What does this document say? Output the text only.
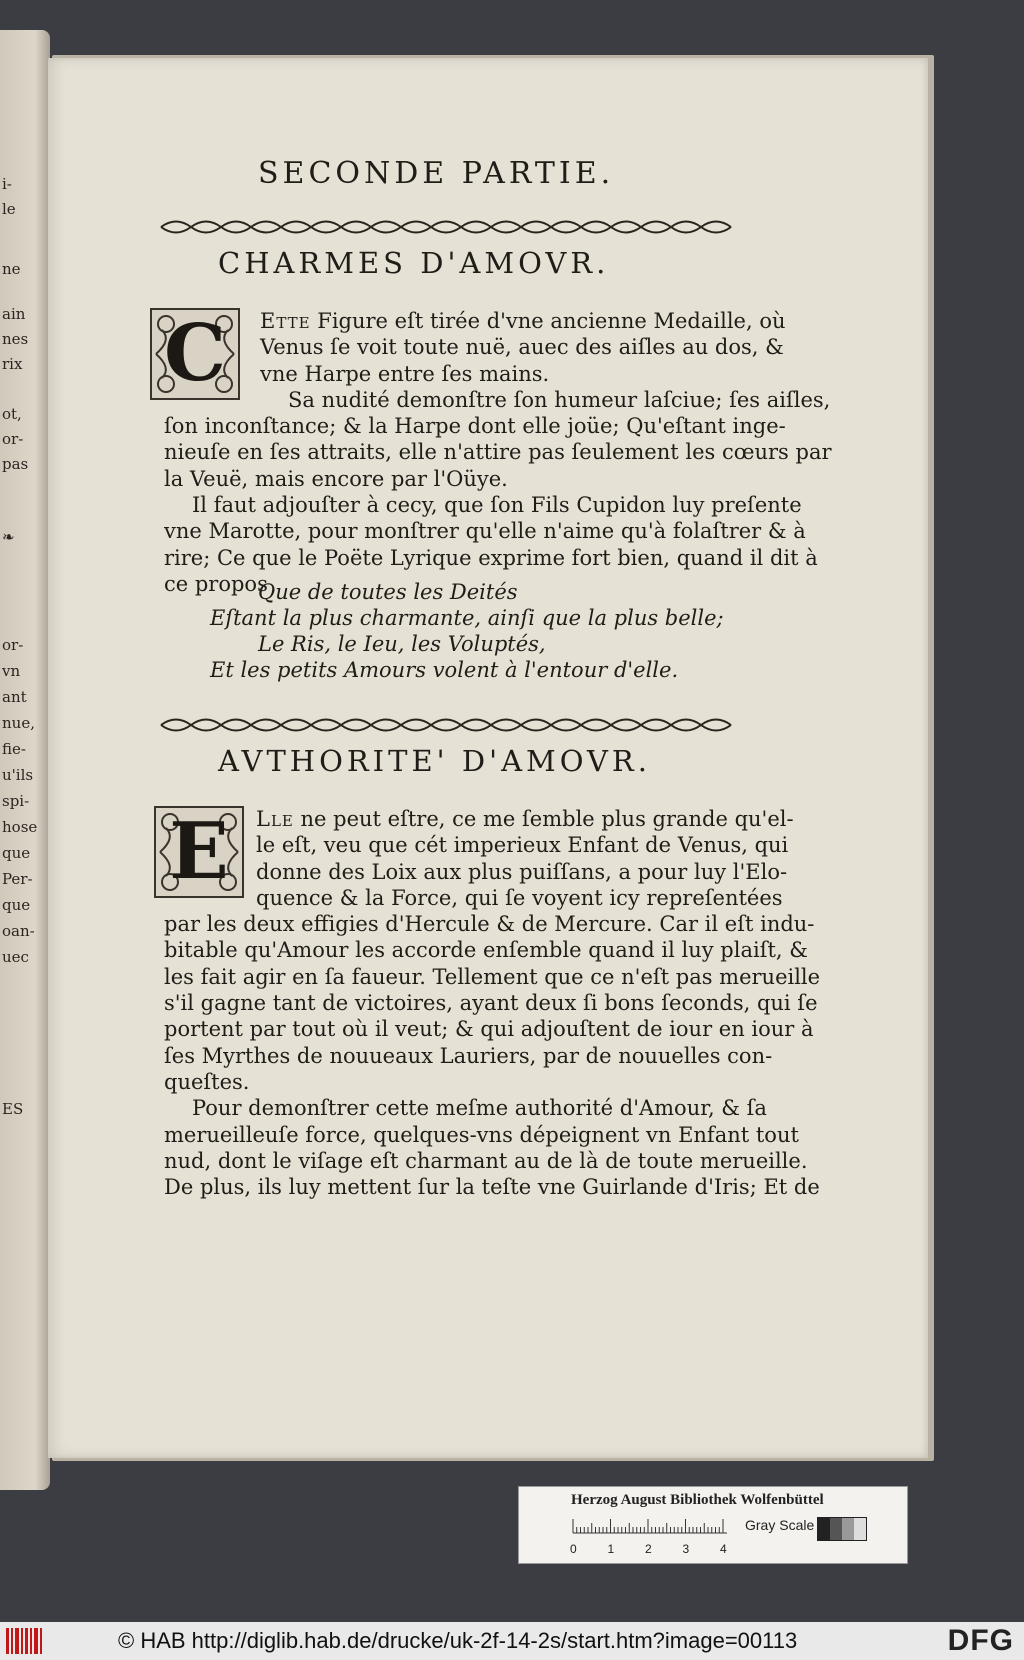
i-
le
ne
ain
nes
rix
ot,
or-
pas
❧
or-
vn
ant
nue,
fie-
u'ils
spi-
hose
que
Per-
que
oan-
uec
ES
SECONDE PARTIE.
CHARMES D'AMOVR.
C	Ette Figure eſt tirée d'vne ancienne Medaille, où

Venus ſe voit toute nuë, auec des aiſles au dos, &

vne Harpe entre ſes mains.

Sa nudité demonſtre ſon humeur laſciue; ſes aiſles,

ſon inconſtance; & la Harpe dont elle joüe; Qu'eſtant inge-

nieuſe en ſes attraits, elle n'attire pas ſeulement les cœurs par

la Veuë, mais encore par l'Oüye.

Il faut adjouſter à cecy, que ſon Fils Cupidon luy preſente

vne Marotte, pour monſtrer qu'elle n'aime qu'à folaſtrer & à

rire; Ce que le Poëte Lyrique exprime fort bien, quand il dit à

ce propos

Que de toutes les Deités
Eſtant la plus charmante, ainſi que la plus belle;
Le Ris, le Ieu, les Voluptés,
Et les petits Amours volent à l'entour d'elle.
AVTHORITE' D'AMOVR.
E	Lle ne peut eſtre, ce me ſemble plus grande qu'el-

le eſt, veu que cét imperieux Enfant de Venus, qui

donne des Loix aux plus puiſſans, a pour luy l'Elo-

quence & la Force, qui ſe voyent icy repreſentées

par les deux effigies d'Hercule & de Mercure. Car il eſt indu-

bitable qu'Amour les accorde enſemble quand il luy plaiſt, &

les fait agir en ſa faueur. Tellement que ce n'eſt pas merueille

s'il gagne tant de victoires, ayant deux ſi bons ſeconds, qui ſe

portent par tout où il veut; & qui adjouſtent de iour en iour à

ſes Myrthes de nouueaux Lauriers, par de nouuelles con-

queſtes.

Pour demonſtrer cette meſme authorité d'Amour, & ſa

merueilleuſe force, quelques-vns dépeignent vn Enfant tout

nud, dont le viſage eſt charmant au de là de toute merueille.

De plus, ils luy mettent ſur la teſte vne Guirlande d'Iris; Et de

Herzog August Bibliothek Wolfenbüttel
0	1	2	3	4
Gray Scale
© HAB http://diglib.hab.de/drucke/uk-2f-14-2s/start.htm?image=00113	DFG
